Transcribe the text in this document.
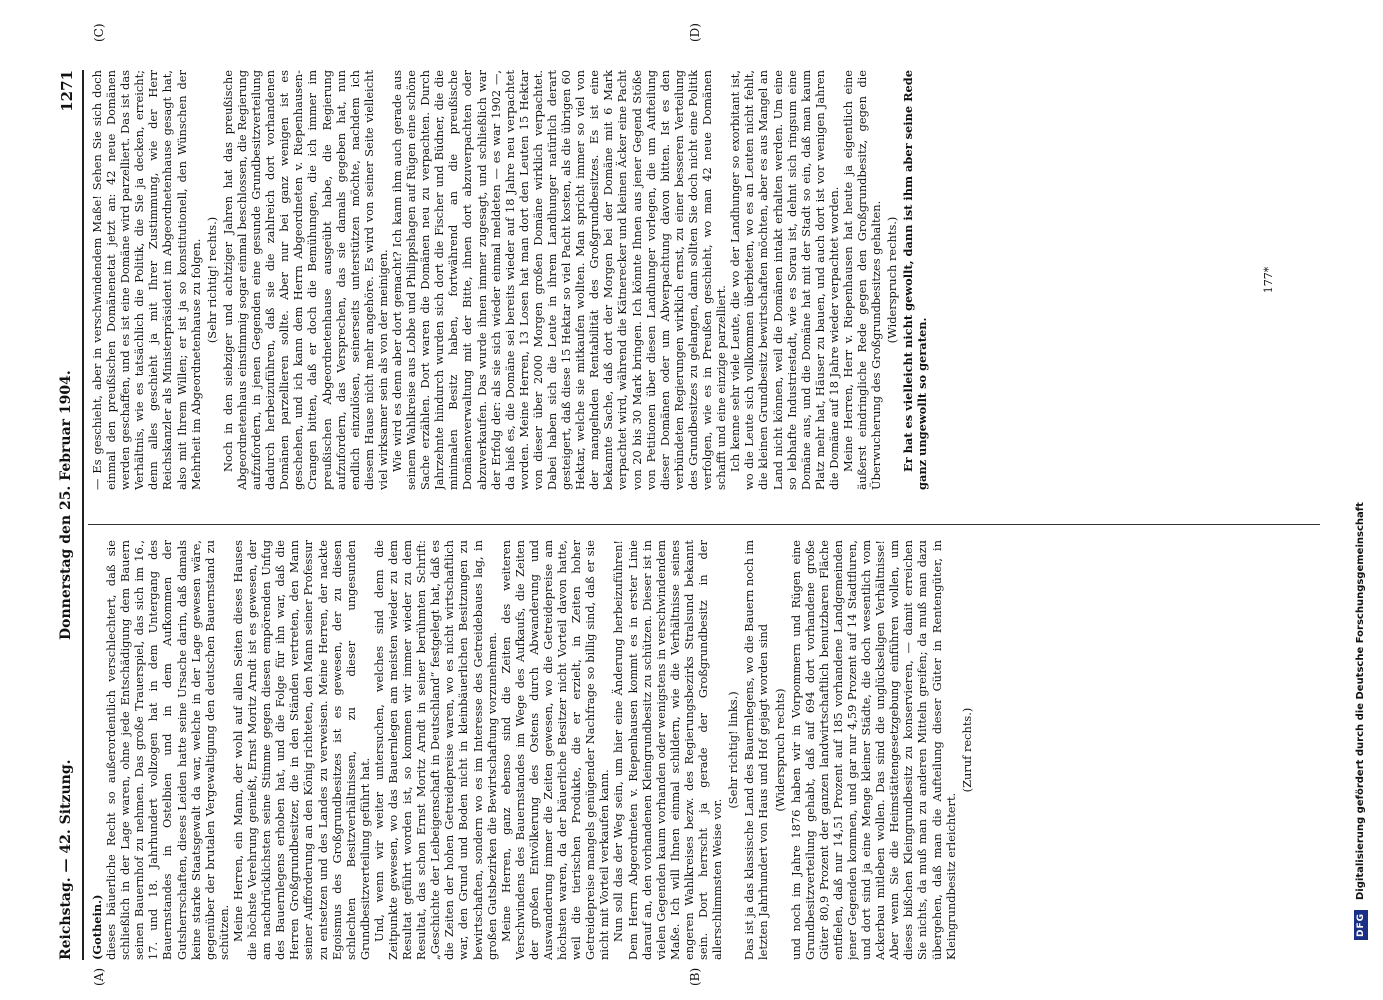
Reichstag. — 42. Sitzung.
Donnerstag den 25. Februar 1904.
1271
(A)	(B)
(C)	(D)
(Gothein.) dieses bäuerliche Recht so außerordentlich verschlechtert, daß sie schließlich in der Lage waren, ohne jede Entschädigung dem Bauern seinen Bauernhof zu nehmen. Das große Trauerspiel, das sich im 16., 17. und 18. Jahrhundert vollzogen hat in dem Untergang des Bauernstandes in Ostelbien und in dem Aufkommen der Gutsherrschaften, dieses Leiden hatte seine Ursache darin, daß damals keine starke Staatsgewalt da war, welche in der Lage gewesen wäre, gegenüber der brutalen Vergewaltigung den deutschen Bauernstand zu schützen. Meine Herren, ein Mann, der wohl auf allen Seiten dieses Hauses die höchste Verehrung genießt, Ernst Moritz Arndt ist es gewesen, der am nachdrücklichsten seine Stimme gegen diesen empörenden Unfug des Bauernlegens erhoben hat, und die Folge für ihn war, daß die Herren Großgrundbesitzer, die in den Ständen vertreten, den Mann seiner Aufforderung an den König richteten, den Mann seiner Professur zu entsetzen und des Landes zu verweisen. Meine Herren, der nackte Egoismus des Großgrundbesitzes ist es gewesen, der zu diesen schlechten Besitzverhältnissen, zu dieser ungesunden Grundbesitzverteilung geführt hat. Und, wenn wir weiter untersuchen, welches sind denn die Zeitpunkte gewesen, wo das Bauernlegen am meisten wieder zu dem Resultat geführt worden ist, so kommen wir immer wieder zu dem Resultat, das schon Ernst Moritz Arndt in seiner berühmten Schrift: „Geschichte der Leibeigenschaft in Deutschland“ festgelegt hat, daß es die Zeiten der hohen Getreidepreise waren, wo es nicht wirtschaftlich war, den Grund und Boden nicht in kleinbäuerlichen Besitzungen zu bewirtschaften, sondern wo es im Interesse des Getreidebaues lag, in großen Gutsbezirken die Bewirtschaftung vorzunehmen. Meine Herren, ganz ebenso sind die Zeiten des weiteren Verschwindens des Bauernstandes im Wege des Aufkaufs, die Zeiten der großen Entvölkerung des Ostens durch Abwanderung und Auswanderung immer die Zeiten gewesen, wo die Getreidepreise am höchsten waren, da der bäuerliche Besitzer nicht Vorteil davon hatte, weil die tierischen Produkte, die er erzielt, in Zeiten hoher Getreidepreise mangels genügender Nachfrage so billig sind, daß er sie nicht mit Vorteil verkaufen kann. Nun soll das der Weg sein, um hier eine Änderung herbeizuführen! Dem Herrn Abgeordneten v. Riepenhausen kommt es in erster Linie darauf an, den vorhandenen Kleingrundbesitz zu schützen. Dieser ist in vielen Gegenden kaum vorhanden oder wenigstens in verschwindendem Maße. Ich will Ihnen einmal schildern, wie die Verhältnisse seines engeren Wahlkreises bezw. des Regierungsbezirks Stralsund bekannt sein. Dort herrscht ja gerade der Großgrundbesitz in der allerschlimmsten Weise vor.

(Sehr richtig! links.) Das ist ja das klassische Land des Bauernlegens, wo die Bauern noch im letzten Jahrhundert von Haus und Hof gejagt worden sind (Widerspruch rechts) und noch im Jahre 1876 haben wir in Vorpommern und Rügen eine Grundbesitzverteilung gehabt, daß auf 694 dort vorhandene große Güter 80,9 Prozent der ganzen landwirtschaftlich benutzbaren Fläche entfielen, daß nur 14,51 Prozent auf 185 vorhandene Landgemeinden jener Gegenden kommen, und gar nur 4,59 Prozent auf 14 Stadtfluren, und dort sind ja eine Menge kleiner Städte, die doch wesentlich vom Ackerbau mitleben wollen. Das sind die unglückseligen Verhältnisse! Aber wenn Sie die Heimstättengesetzgebung einführen wollen, um dieses bißchen Kleingrundbesitz zu konservieren, — damit erreichen Sie nichts, da muß man zu anderen Mitteln greifen; da muß man dazu übergehen, daß man die Aufteilung dieser Güter in Rentengüter, in Kleingrundbesitz erleichtert.

(Zuruf rechts.)

— Es geschieht, aber in verschwindendem Maße! Sehen Sie sich doch einmal den preußischen Domänenetat jetzt an: 42 neue Domänen werden geschaffen, und es ist eine Domäne wird parzelliert. Das ist das Verhältnis, wie es tatsächlich die Politik, die Sie ja decken, erreicht; denn alles geschieht ja mit Ihrer Zustimmung, wie der Herr Reichskanzler als Ministerpräsident im Abgeordnetenhause gesagt hat, also mit Ihrem Willen; er ist ja so konstitutionell, den Wünschen der Mehrheit im Abgeordnetenhause zu folgen. (Sehr richtig! rechts.) Noch in den siebziger und achtziger Jahren hat das preußische Abgeordnetenhaus einstimmig sogar einmal beschlossen, die Regierung aufzufordern, in jenen Gegenden eine gesunde Grundbesitzverteilung dadurch herbeizuführen, daß sie die zahlreich dort vorhandenen Domänen parzellieren sollte. Aber nur bei ganz wenigen ist es geschehen, und ich kann dem Herrn Abgeordneten v. Riepenhausen-Crangen bitten, daß er doch die Bemühungen, die ich immer im preußischen Abgeordnetenhause ausgeübt habe, die Regierung aufzufordern, das Versprechen, das sie damals gegeben hat, nun endlich einzulösen, seinerseits unterstützen möchte, nachdem ich diesem Hause nicht mehr angehöre. Es wird von seiner Seite vielleicht viel wirksamer sein als von der meinigen. Wie wird es denn aber dort gemacht? Ich kann ihm auch gerade aus seinem Wahlkreise aus Lobbe und Philippshagen auf Rügen eine schöne Sache erzählen. Dort waren die Domänen neu zu verpachten. Durch Jahrzehnte hindurch wurden sich dort die Fischer und Büdner, die die minimalen Besitz haben, fortwährend an die preußische Domänenverwaltung mit der Bitte, ihnen dort abzuverpachten oder abzuverkaufen. Das wurde ihnen immer zugesagt, und schließlich war der Erfolg der: als sie sich wieder einmal meldeten — es war 1902 —, da hieß es, die Domäne sei bereits wieder auf 18 Jahre neu verpachtet worden. Meine Herren, 13 Losen hat man dort den Leuten 15 Hektar von dieser über 2000 Morgen großen Domäne wirklich verpachtet. Dabei haben sich die Leute in ihrem Landhunger natürlich derart gesteigert, daß diese 15 Hektar so viel Pacht kosten, als die übrigen 60 Hektar, welche sie mitkaufen wollten. Man spricht immer so viel von der mangelnden Rentabilität des Großgrundbesitzes. Es ist eine bekannte Sache, daß dort der Morgen bei der Domäne mit 6 Mark verpachtet wird, während die Kätnerecker und kleinen Äcker eine Pacht von 20 bis 30 Mark bringen. Ich könnte Ihnen aus jener Gegend Stöße von Petitionen über diesen Landhunger vorlegen, die um Aufteilung dieser Domänen oder um Abverpachtung davon bitten. Ist es den verbündeten Regierungen wirklich ernst, zu einer besseren Verteilung des Grundbesitzes zu gelangen, dann sollten Sie doch nicht eine Politik verfolgen, wie es in Preußen geschieht, wo man 42 neue Domänen schafft und eine einzige parzelliert. Ich kenne sehr viele Leute, die wo der Landhunger so exorbitant ist, wo die Leute sich vollkommen überbieten, wo es an Leuten nicht fehlt, die kleinen Grundbesitz bewirtschaften möchten, aber es aus Mangel an Land nicht können, weil die Domänen intakt erhalten werden. Um eine so lebhafte Industriestadt, wie es Sorau ist, dehnt sich ringsum eine Domäne aus, und die Domäne hat mit der Stadt so ein, daß man kaum Platz mehr hat, Häuser zu bauen, und auch dort ist vor wenigen Jahren die Domäne auf 18 Jahre wieder verpachtet worden. Meine Herren, Herr v. Riepenhausen hat heute ja eigentlich eine äußerst eindringliche Rede gegen den Großgrundbesitz, gegen die Überwucherung des Großgrundbesitzes gehalten. (Widerspruch rechts.) Er hat es vielleicht nicht gewollt, dann ist ihm aber seine Rede ganz ungewollt so geraten.

177*
DFG
Digitalisierung gefördert durch die Deutsche Forschungsgemeinschaft
